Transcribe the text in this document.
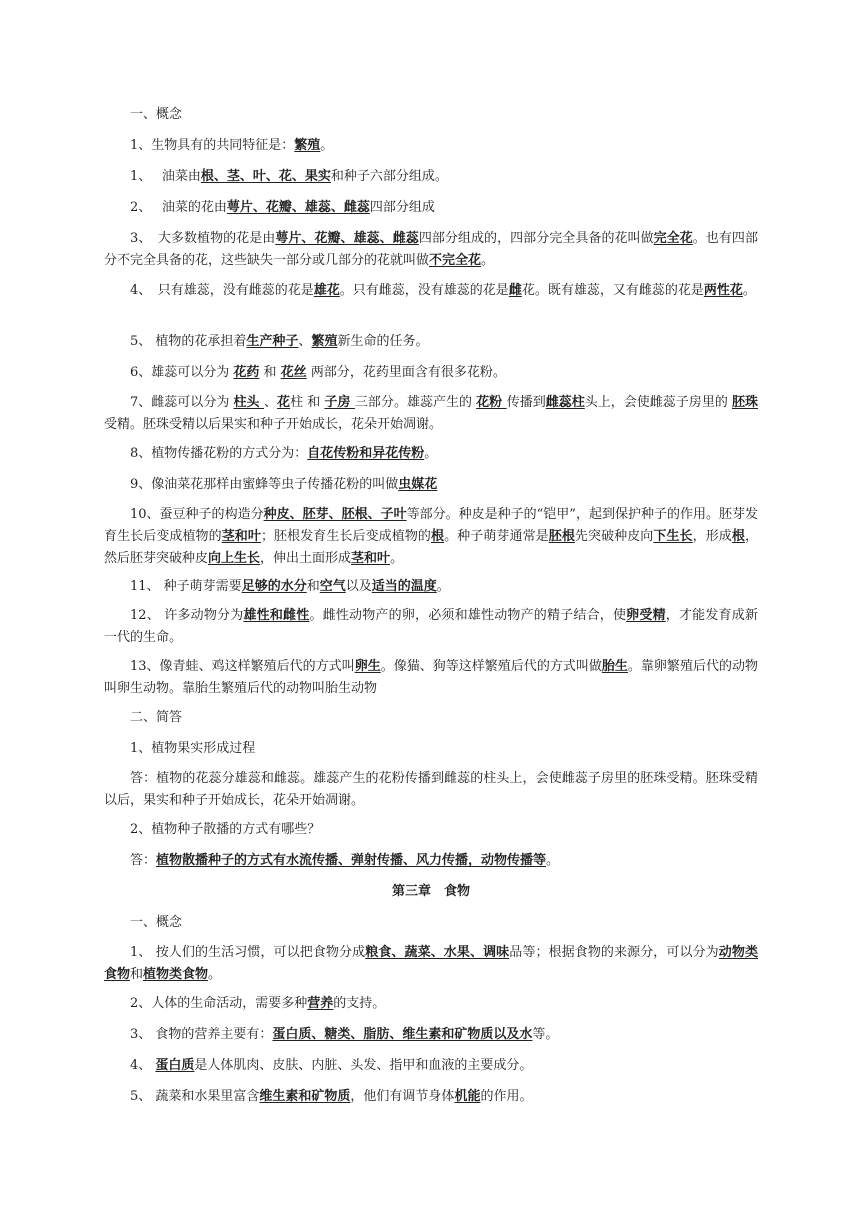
一、概念

1、生物具有的共同特征是：繁殖。

1、　 油菜由根、茎、叶、花、果实和种子六部分组成。

2、　 油菜的花由萼片、花瓣、雄蕊、雌蕊四部分组成

3、　大多数植物的花是由萼片、花瓣、雄蕊、雌蕊四部分组成的，四部分完全具备的花叫做完全花。也有四部分不完全具备的花，这些缺失一部分或几部分的花就叫做不完全花。

4、　只有雄蕊，没有雌蕊的花是雄花。只有雌蕊，没有雄蕊的花是雌花。既有雄蕊，又有雌蕊的花是两性花。

5、 植物的花承担着生产种子、繁殖新生命的任务。

6、雄蕊可以分为 花药 和 花丝 两部分，花药里面含有很多花粉。

7、雌蕊可以分为 柱头 、花柱 和 子房 三部分。雄蕊产生的 花粉 传播到雌蕊柱头上，会使雌蕊子房里的 胚珠 受精。胚珠受精以后果实和种子开始成长，花朵开始凋谢。

8、植物传播花粉的方式分为：自花传粉和异花传粉。

9、像油菜花那样由蜜蜂等虫子传播花粉的叫做虫媒花

10、蚕豆种子的构造分种皮、胚芽、胚根、子叶等部分。种皮是种子的“铠甲”，起到保护种子的作用。胚芽发育生长后变成植物的茎和叶；胚根发育生长后变成植物的根。种子萌芽通常是胚根先突破种皮向下生长，形成根，然后胚芽突破种皮向上生长，伸出土面形成茎和叶。

11、 种子萌芽需要足够的水分和空气以及适当的温度。

12、 许多动物分为雄性和雌性。雌性动物产的卵，必须和雄性动物产的精子结合，使卵受精，才能发育成新一代的生命。

13、像青蛙、鸡这样繁殖后代的方式叫卵生。像猫、狗等这样繁殖后代的方式叫做胎生。靠卵繁殖后代的动物叫卵生动物。靠胎生繁殖后代的动物叫胎生动物

二、简答

1、植物果实形成过程

答：植物的花蕊分雄蕊和雌蕊。雄蕊产生的花粉传播到雌蕊的柱头上，会使雌蕊子房里的胚珠受精。胚珠受精以后，果实和种子开始成长，花朵开始凋谢。

2、植物种子散播的方式有哪些？

答：植物散播种子的方式有水流传播、弹射传播、风力传播，动物传播等。

第三章　食物

一、概念

1、 按人们的生活习惯，可以把食物分成粮食、蔬菜、水果、调味品等；根据食物的来源分，可以分为动物类食物和植物类食物。

2、人体的生命活动，需要多种营养的支持。

3、 食物的营养主要有：蛋白质、糖类、脂肪、维生素和矿物质以及水等。

4、 蛋白质是人体肌肉、皮肤、内脏、头发、指甲和血液的主要成分。

5、 蔬菜和水果里富含维生素和矿物质，他们有调节身体机能的作用。
